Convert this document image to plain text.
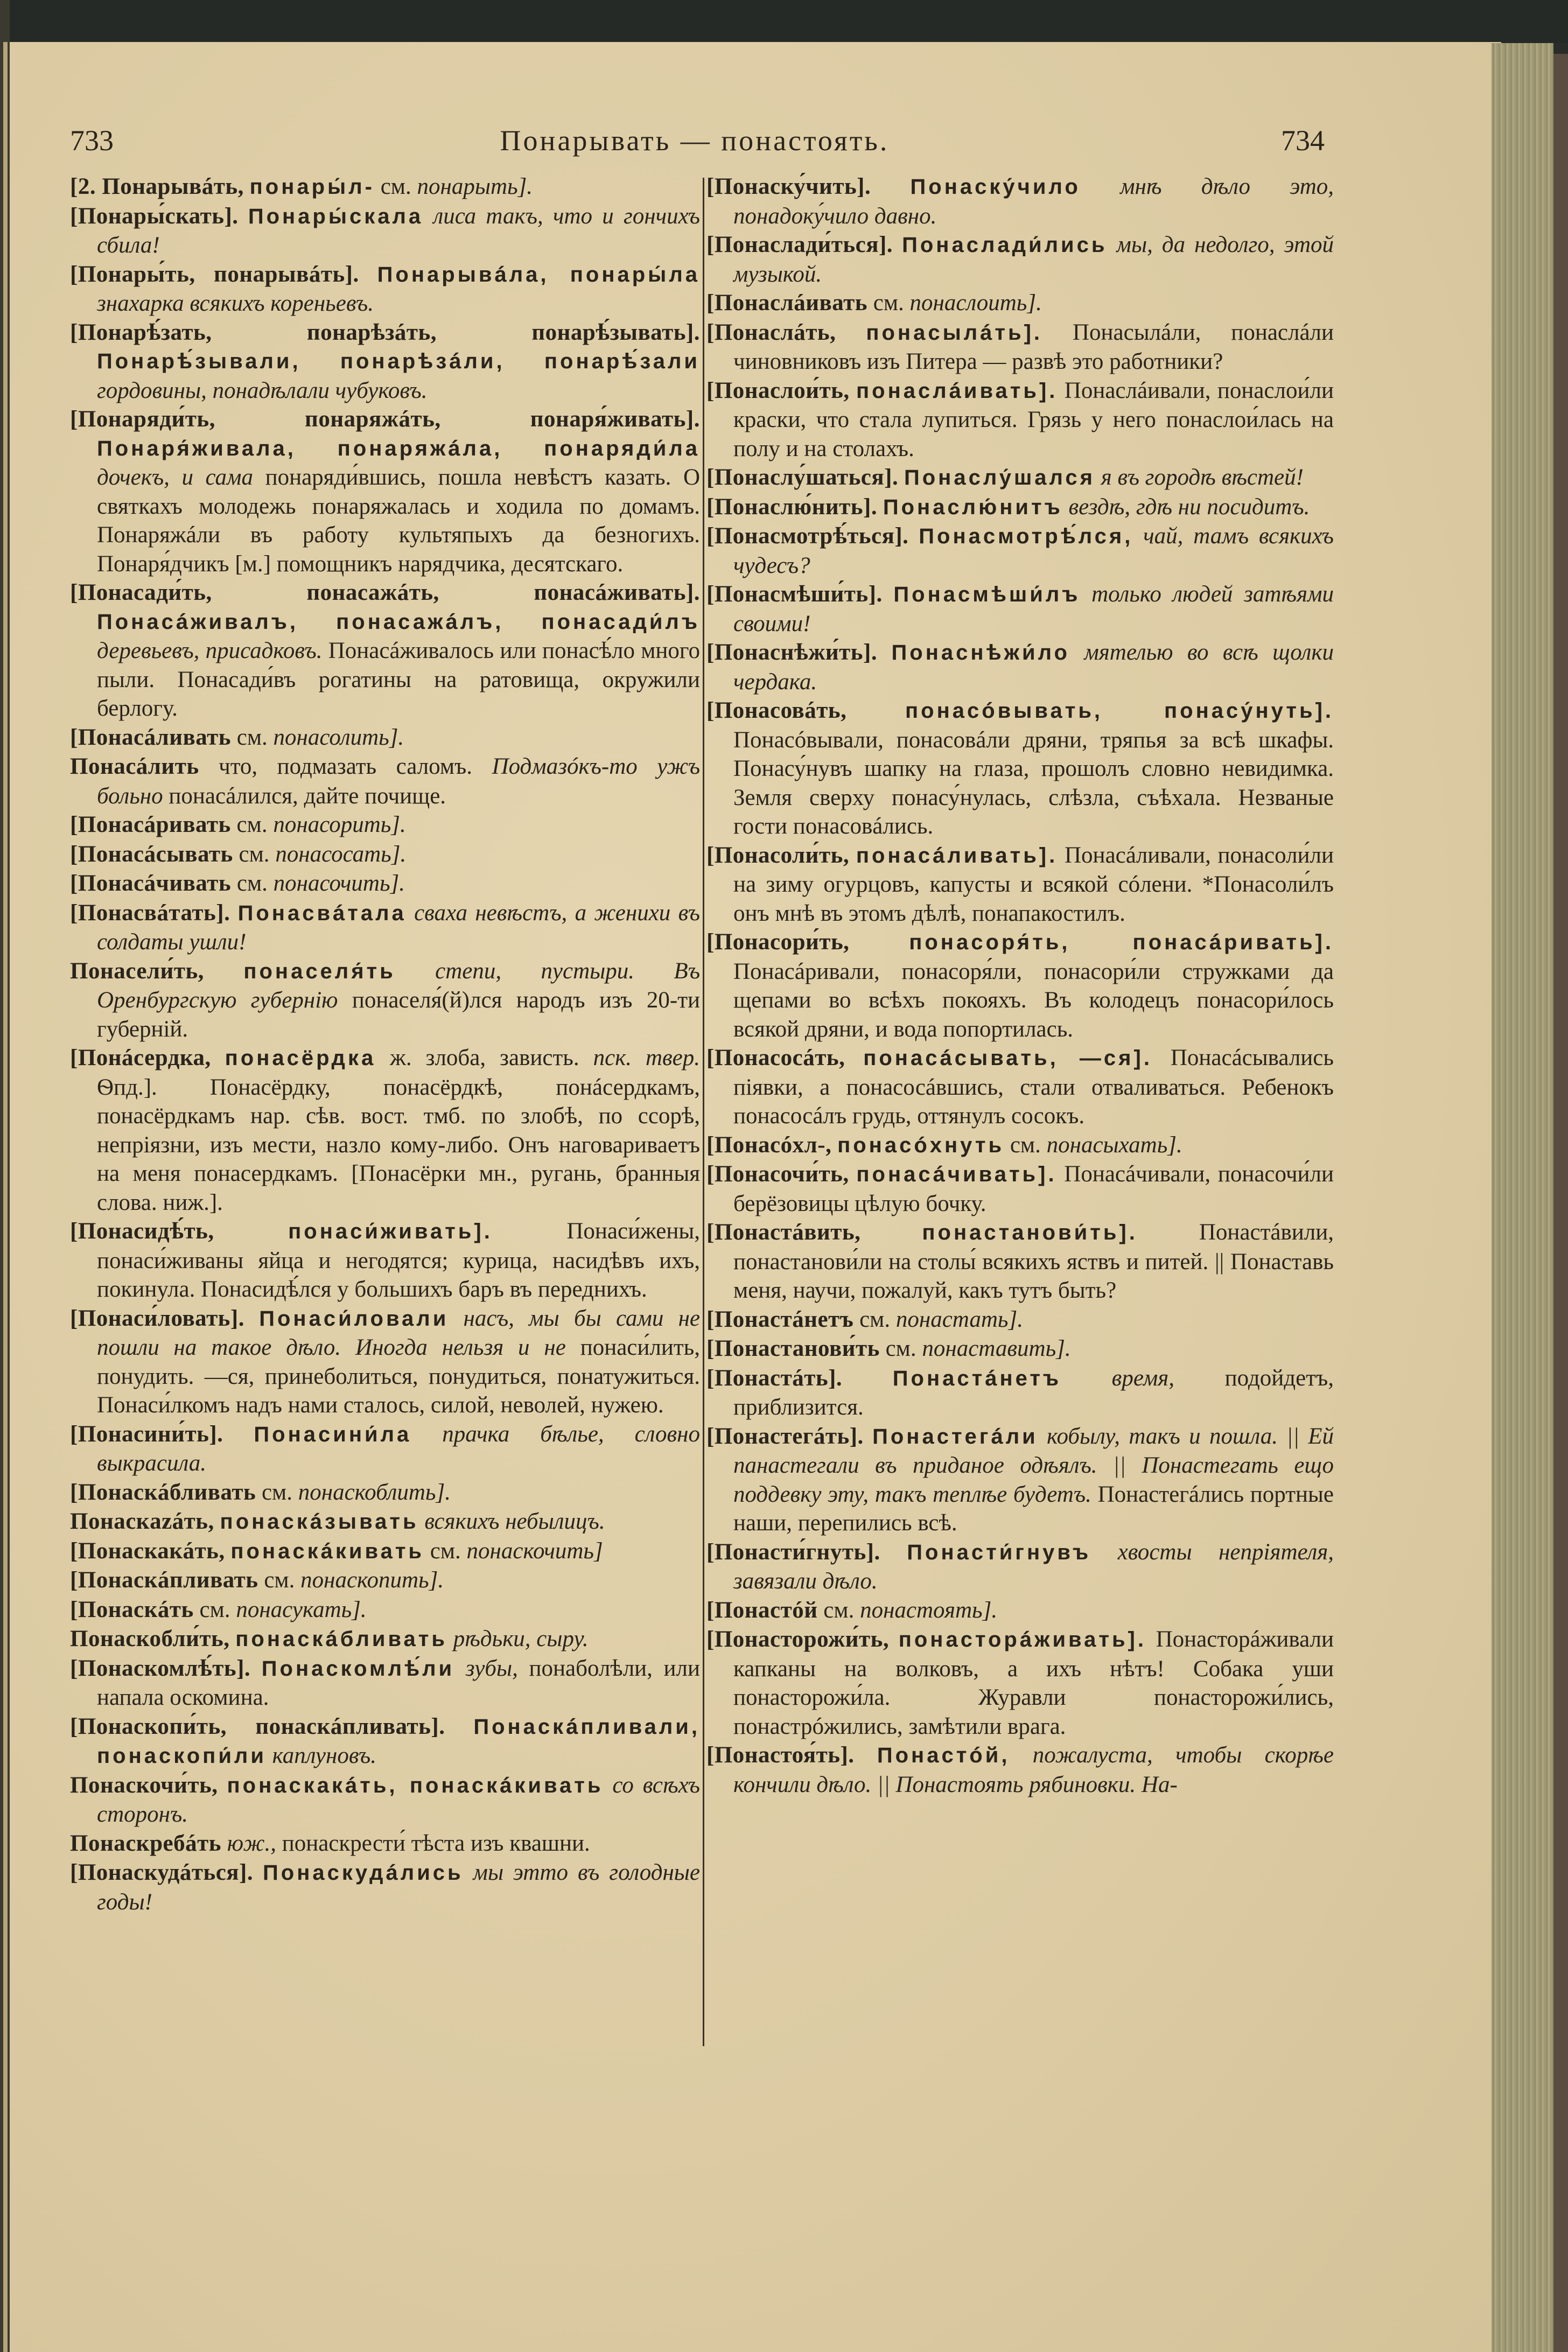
733	Понарывать — понастоять.	734

[2. Понарывáть, понары́л- см. понарыть].

[Понары́скать]. Понары́скала лиса такъ, что и гончихъ сбила!

[Понары́ть, понарывáть]. Понарывáла, понары́ла знахарка всякихъ кореньевъ.

[Понарѣ́зать, понарѣзáть, понарѣ́зывать]. Понарѣ́зывали, понарѣзáли, понарѣ́зали гордовины, понадѣлали чубуковъ.

[Понаряди́ть, понаряжáть, понаря́живать]. Понаря́живала, понаряжáла, понаряди́ла дочекъ, и сама понаряди́вшись, пошла невѣстъ казать. О святкахъ молодежь понаряжалась и ходила по домамъ. Понаряжáли въ работу культяпыхъ да безногихъ. Понаря́дчикъ [м.] помощникъ нарядчика, десятскаго.

[Понасади́ть, понасажáть, понасáживать]. Понасáживалъ, понасажáлъ, понасади́лъ деревьевъ, присадковъ. Понасáживалось или понасѣ́ло много пыли. Понасади́въ рогатины на ратовища, окружили берлогу.

[Понасáливать см. понасолить].

Понасáлить что, подмазать саломъ. Подмазóкъ-то ужъ больно понасáлился, дайте почище.

[Понасáривать см. понасорить].

[Понасáсывать см. понасосать].

[Понасáчивать см. понасочить].

[Понасвáтать]. Понасвáтала сваха невѣстъ, а женихи въ солдаты ушли!

Понасели́ть, понаселя́ть степи, пустыри. Въ Оренбургскую губернію понаселя́(й)лся народъ изъ 20-ти губерній.

[Понáсердка, понасёрдка ж. злоба, зависть. пск. твер. Ѳпд.]. Понасёрдку, понасёрдкѣ, понáсердкамъ, понасёрдкамъ нар. сѣв. вост. тмб. по злобѣ, по ссорѣ, непріязни, изъ мести, назло кому-либо. Онъ наговариваетъ на меня понасердкамъ. [Понасёрки мн., ругань, бранныя слова. ниж.].

[Понасидѣ́ть,	понаси́живать].	Понаси́жены, понаси́живаны яйца и негодятся; курица, насидѣвъ ихъ, покинула. Понасидѣ́лся у большихъ баръ въ переднихъ.

[Понаси́ловать]. Понаси́ловали насъ, мы бы сами не пошли на такое дѣло. Иногда нельзя и не понаси́лить, понудить. —ся, принеболиться, понудиться, понатужиться. Понаси́лкомъ надъ нами сталось, силой, неволей, нужею.

[Понасини́ть]. Понасини́ла прачка бѣлье, словно выкрасила.

[Понаскáбливать см. понаскоблить].

Понаскazáть, понаскáзывать всякихъ небылицъ.

[Понаскакáть, понаскáкивать см. понаскочить]

[Понаскáпливать см. понаскопить].

[Понаскáть см. понасукать].

Понаскобли́ть, понаскáбливать рѣдьки, сыру.

[Понаскомлѣ́ть]. Понаскомлѣ́ли зубы, понаболѣли, или напала оскомина.

[Понаскопи́ть, понаскáпливать]. Понаскáпливали, понаскопи́ли каплуновъ.

Понаскочи́ть, понаскакáть, понаскáкивать со всѣхъ сторонъ.

Понаскребáть юж., понаскрести́ тѣста изъ квашни.

[Понаскудáться]. Понаскудáлись мы этто въ голодные годы!

[Понаску́чить]. Понаску́чило мнѣ дѣло это, понадоку́чило давно.

[Понаслади́ться]. Понаслади́лись мы, да недолго, этой музыкой.

[Понаслáивать см. понаслоить].

[Понаслáть, понасылáть]. Понасылáли, понаслáли чиновниковъ изъ Питера — развѣ это работники?

[Понаслои́ть, понаслáивать]. Понаслáивали, понаслои́ли краски, что стала лупиться. Грязь у него понаслои́лась на полу и на столахъ.

[Понаслу́шаться]. Понаслу́шался я въ городѣ вѣстей!

[Понаслю́нить]. Понаслю́нитъ вездѣ, гдѣ ни посидитъ.

[Понасмотрѣ́ться]. Понасмотрѣ́лся, чай, тамъ всякихъ чудесъ?

[Понасмѣши́ть]. Понасмѣши́лъ только людей затѣями своими!

[Понаснѣжи́ть]. Понаснѣжи́ло мятелью во всѣ щолки чердака.

[Понасовáть,	понасóвывать, понасу́нуть]. Понасóвывали, понасовáли дряни, тряпья за всѣ шкафы. Понасу́нувъ шапку на глаза, прошолъ словно невидимка. Земля сверху понасу́нулась, слѣзла, съѣхала. Незваные гости понасовáлись.

[Понасоли́ть, понасáливать]. Понасáливали, понасоли́ли на зиму огурцовъ, капусты и всякой сóлени. *Понасоли́лъ онъ мнѣ въ этомъ дѣлѣ, понапакостилъ.

[Понасори́ть,	понасоря́ть, понасáривать]. Понасáривали, понасоря́ли, понасори́ли стружками да щепами во всѣхъ покояхъ. Въ колодецъ понасори́лось всякой дряни, и вода попортилась.

[Понасосáть, понасáсывать, —ся]. Понасáсывались піявки, а понасосáвшись, стали отваливаться. Ребенокъ понасосáлъ грудь, оттянулъ сосокъ.

[Понасóхл-, понасóхнуть см. понасыхать].

[Понасочи́ть, понасáчивать]. Понасáчивали, понасочи́ли берёзовицы цѣлую бочку.

[Понастáвить,	понастанови́ть].	Понастáвили, понастанови́ли на столы́ всякихъ яствъ и питей. || Понаставь меня, научи, пожалуй, какъ тутъ быть?

[Понастáнетъ см. понастать].

[Понастанови́ть см. понаставить].

[Понастáть]. Понастáнетъ время, подойдетъ, приблизится.

[Понастегáть]. Понастегáли кобылу, такъ и пошла. || Ей панастегали въ приданое одѣялъ. || Понастегать ещо поддевку эту, такъ теплѣе будетъ. Понастегáлись портные наши, перепились всѣ.

[Понасти́гнуть]. Понасти́гнувъ хвосты непріятеля, завязали дѣло.

[Понастóй см. понастоять].

[Понасторожи́ть, понасторáживать]. Понасторáживали капканы на волковъ, а ихъ нѣтъ! Собака уши понасторожи́ла. Журавли понасторожи́лись, понастрóжились, замѣтили врага.

[Понастоя́ть]. Понастóй, пожалуста, чтобы скорѣе кончили дѣло. || Понастоять рябиновки. На-
